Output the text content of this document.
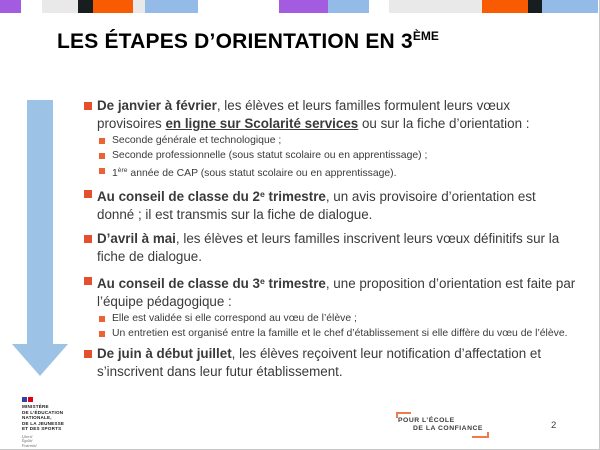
LES ÉTAPES D’ORIENTATION EN 3ÈME
De janvier à février, les élèves et leurs familles formulent leurs vœux provisoires en ligne sur Scolarité services ou sur la fiche d’orientation :
Seconde générale et technologique ;
Seconde professionnelle (sous statut scolaire ou en apprentissage) ;
1ère année de CAP (sous statut scolaire ou en apprentissage).
Au conseil de classe du 2e trimestre, un avis provisoire d’orientation est donné ; il est transmis sur la fiche de dialogue.
D’avril à mai, les élèves et leurs familles inscrivent leurs vœux définitifs sur la fiche de dialogue.
Au conseil de classe du 3e trimestre, une proposition d’orientation est faite par l’équipe pédagogique :
Elle est validée si elle correspond au vœu de l’élève ;
Un entretien est organisé entre la famille et le chef d’établissement si elle diffère du vœu de l’élève.
De juin à début juillet, les élèves reçoivent leur notification d’affectation et s’inscrivent dans leur futur établissement.
MINISTÈRE
DE L’ÉDUCATION
NATIONALE,
DE LA JEUNESSE
ET DES SPORTS
Liberté
Égalité
Fraternité
POUR L’ÉCOLE
DE LA CONFIANCE	2
